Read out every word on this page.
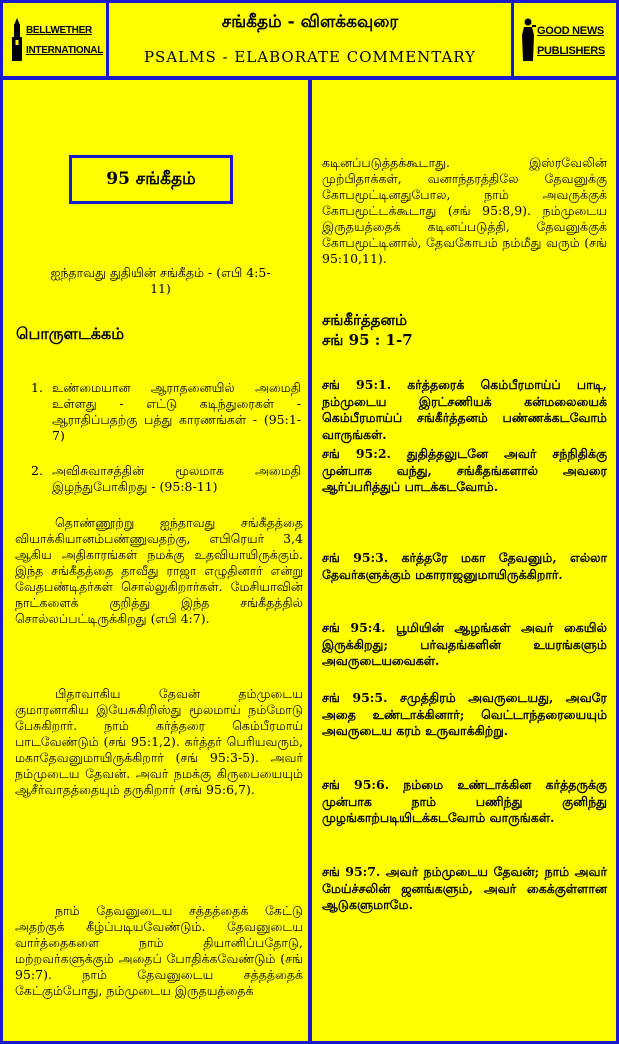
BELLWETHER
INTERNATIONAL
சங்கீதம் - விளக்கவுரை
PSALMS - ELABORATE COMMENTARY
GOOD NEWS
PUBLISHERS
95 சங்கீதம்
ஐந்தாவது துதியின் சங்கீதம் - (எபி 4:5-11)
பொருளடக்கம்
1. உண்மையான ஆராதனையில் அமைதி உள்ளது - எட்டு கடிந்துரைகள் - ஆராதிப்பதற்கு பத்து காரணங்கள் - (95:1-7)
2. அவிசுவாசத்தின் மூலமாக அமைதி இழந்துபோகிறது - (95:8-11)

தொண்ணூற்று ஐந்தாவது சங்கீதத்தை வியாக்கியானம்பண்ணுவதற்கு, எபிரெயர் 3,4 ஆகிய அதிகாரங்கள் நமக்கு உதவியாயிருக்கும். இந்த சங்கீதத்தை தாவீது ராஜா எழுதினார் என்று வேதபண்டிதர்கள் சொல்லுகிறார்கள். மேசியாவின் நாட்களைக் குறித்து இந்த சங்கீதத்தில் சொல்லப்பட்டிருக்கிறது (எபி 4:7).

பிதாவாகிய தேவன் தம்முடைய குமாரனாகிய இயேசுகிறிஸ்து மூலமாய் நம்மோடு பேசுகிறார். நாம் கர்த்தரை கெம்பீரமாய் பாடவேண்டும் (சங் 95:1,2). கர்த்தர் பெரியவரும், மகாதேவனுமாயிருக்கிறார் (சங் 95:3-5). அவர் நம்முடைய தேவன். அவர் நமக்கு கிருபையையும் ஆசீர்வாதத்தையும் தருகிறார் (சங் 95:6,7).

நாம் தேவனுடைய சத்தத்தைக் கேட்டு அதற்குக் கீழ்ப்படியவேண்டும். தேவனுடைய வார்த்தைகளை நாம் தியானிப்பதோடு, மற்றவர்களுக்கும் அதைப் போதிக்கவேண்டும் (சங் 95:7). நாம் தேவனுடைய சத்தத்தைக் கேட்கும்போது, நம்முடைய இருதயத்தைக்

கடினப்படுத்தக்கூடாது. இஸ்ரவேலின் முற்பிதாக்கள், வனாந்தரத்திலே தேவனுக்கு கோபமூட்டினதுபோல, நாம் அவருக்குக் கோபமூட்டக்கூடாது (சங் 95:8,9). நம்முடைய இருதயத்தைக் கடினப்படுத்தி, தேவனுக்குக் கோபமூட்டினால், தேவகோபம் நம்மீது வரும் (சங் 95:10,11).

சங்கீர்த்தனம்
சங் 95 : 1-7

சங் 95:1. கர்த்தரைக் கெம்பீரமாய்ப் பாடி, நம்முடைய இரட்சணியக் கன்மலையைக் கெம்பீரமாய்ப் சங்கீர்த்தனம் பண்ணக்கடவோம் வாருங்கள்.

சங் 95:2. துதித்தலுடனே அவர் சந்நிதிக்கு முன்பாக வந்து, சங்கீதங்களால் அவரை ஆர்ப்பரித்துப் பாடக்கடவோம்.

சங் 95:3. கர்த்தரே மகா தேவனும், எல்லா தேவர்களுக்கும் மகாராஜனுமாயிருக்கிறார்.

சங் 95:4. பூமியின் ஆழங்கள் அவர் கையில் இருக்கிறது; பர்வதங்களின் உயரங்களும் அவருடையவைகள்.

சங் 95:5. சமுத்திரம் அவருடையது, அவரே அதை உண்டாக்கினார்; வெட்டாந்தரையையும் அவருடைய கரம் உருவாக்கிற்று.

சங் 95:6. நம்மை உண்டாக்கின கர்த்தருக்கு முன்பாக நாம் பணிந்து குனிந்து முழங்காற்படியிடக்கடவோம் வாருங்கள்.

சங் 95:7. அவர் நம்முடைய தேவன்; நாம் அவர் மேய்ச்சலின் ஜனங்களும், அவர் கைக்குள்ளான ஆடுகளுமாமே.
